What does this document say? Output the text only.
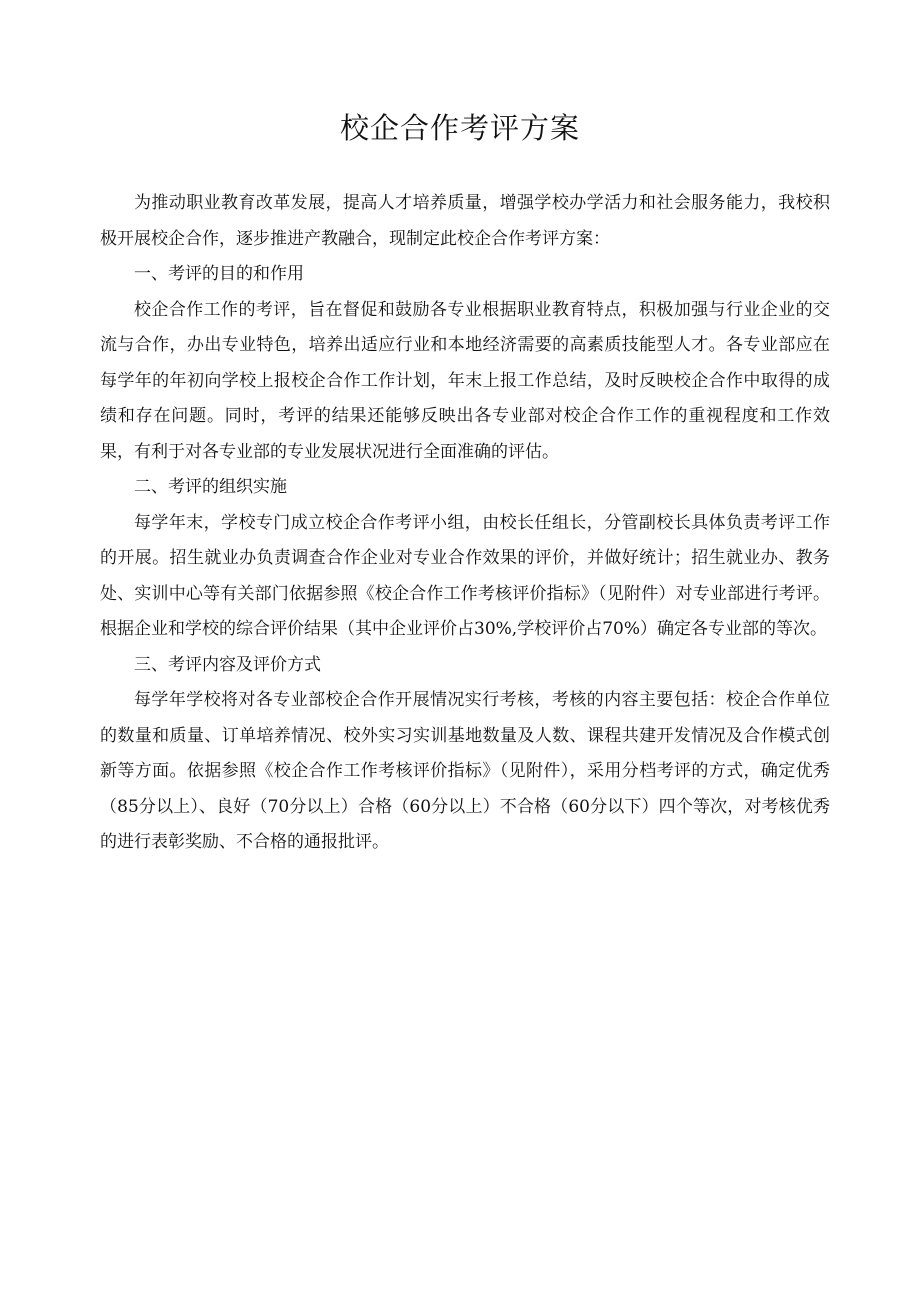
校企合作考评方案

为推动职业教育改革发展，提高人才培养质量，增强学校办学活力和社会服务能力，我校积极开展校企合作，逐步推进产教融合，现制定此校企合作考评方案：

一、考评的目的和作用

校企合作工作的考评，旨在督促和鼓励各专业根据职业教育特点，积极加强与行业企业的交流与合作，办出专业特色，培养出适应行业和本地经济需要的高素质技能型人才。各专业部应在每学年的年初向学校上报校企合作工作计划，年末上报工作总结，及时反映校企合作中取得的成绩和存在问题。同时，考评的结果还能够反映出各专业部对校企合作工作的重视程度和工作效果，有利于对各专业部的专业发展状况进行全面准确的评估。

二、考评的组织实施

每学年末，学校专门成立校企合作考评小组，由校长任组长，分管副校长具体负责考评工作的开展。招生就业办负责调查合作企业对专业合作效果的评价，并做好统计；招生就业办、教务处、实训中心等有关部门依据参照《校企合作工作考核评价指标》（见附件）对专业部进行考评。根据企业和学校的综合评价结果（其中企业评价占30%,学校评价占70%）确定各专业部的等次。

三、考评内容及评价方式

每学年学校将对各专业部校企合作开展情况实行考核，考核的内容主要包括：校企合作单位的数量和质量、订单培养情况、校外实习实训基地数量及人数、课程共建开发情况及合作模式创新等方面。依据参照《校企合作工作考核评价指标》（见附件），采用分档考评的方式，确定优秀（85分以上）、良好（70分以上）合格（60分以上）不合格（60分以下）四个等次，对考核优秀的进行表彰奖励、不合格的通报批评。
